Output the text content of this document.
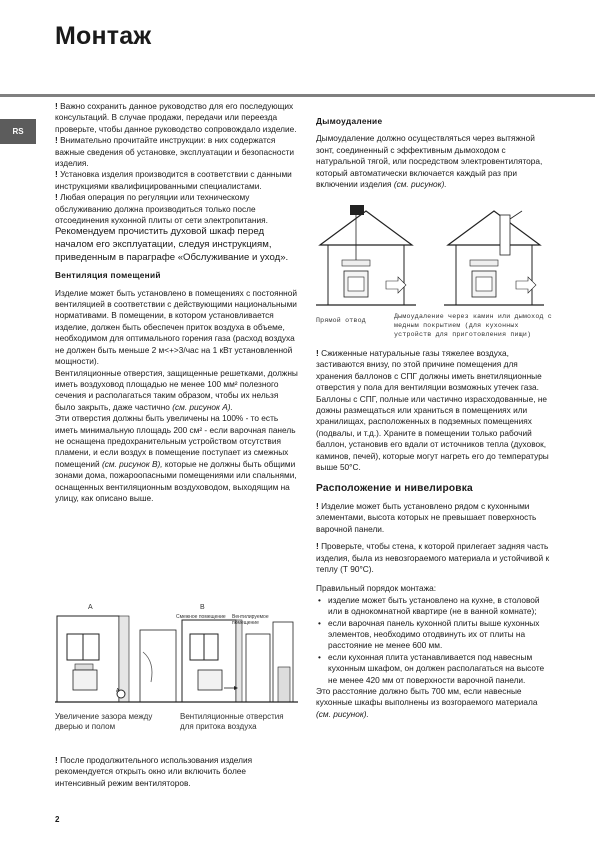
Монтаж
RS

! Важно сохранить данное руководство для его последующих консультаций. В случае продажи, передачи или переезда проверьте, чтобы данное руководство сопровождало изделие.

! Внимательно прочитайте инструкции: в них содержатся важные сведения об установке, эксплуатации и безопасности изделия.

! Установка изделия производится в соответствии с данными инструкциями квалифицированными специалистами.

! Любая операция по регуляции или техническому обслуживанию должна производиться только после отсоединения кухонной плиты от сети электропитания.

Рекомендуем прочистить духовой шкаф перед началом его эксплуатации, следуя инструкциям, приведенным в параграфе «Обслуживание и уход».

Вентиляция помещений

Изделие может быть установлено в помещениях с постоянной вентиляцией в соответствии с действующими национальными нормативами. В помещении, в котором установливается изделие, должен быть обеспечен приток воздуха в объеме, необходимом для оптимального горения газа (расход воздуха не должен быть меньше 2 м<+>3/час на 1 кВт установленной мощности).

Вентиляционные отверстия, защищенные решетками, должны иметь воздуховод площадью не менее 100 мм² полезного сечения и располагаться таким образом, чтобы их нельзя было закрыть, даже частично (см. рисунок А).

Эти отверстия должны быть увеличены на 100% - то есть иметь минимальную площадь 200 см² - если варочная панель не оснащена предохранительным устройством отсутствия пламени, и если воздух в помещение поступает из смежных помещений (см. рисунок В), которые не должны быть общими зонами дома, пожароопасными помещениями или спальнями, оснащенных вентиляционным воздуховодом, выходящим на улицу, как описано выше.

A	B
A
Смежное помещение Вентилируемое помещение
Увеличение зазора между дверью и полом
Вентиляционные отверстия для притока воздуха

! После продолжительного использования изделия рекомендуется открыть окно или включить более интенсивный режим вентиляторов.

Дымоудаление

Дымоудаление должно осуществляться через вытяжной зонт, соединенный с эффективным дымоходом с натуральной тягой, или посредством электровентилятора, который автоматически включается каждый раз при включении изделия (см. рисунок).

Прямой отвод
Дымоудаление через камин или дымоход с медным покрытием (для кухонных устройств для приготовления пищи)

! Сжиженные натуральные газы тяжелее воздуха, застиваются внизу, по этой причине помещения для хранения баллонов с СПГ должны иметь внетиляционные отверстия у пола для вентиляции возможных утечек газа.

Баллоны с СПГ, полные или частично израсходованные, не дожны размещаться или храниться в помещениях или хранилищах, расположенных в подземных помещениях (подвалы, и т.д.). Храните в помещении только рабочий баллон, установив его вдали от источников тепла (духовок, каминов, печей), которые могут нагреть его до температуры выше 50°С.

Расположение и нивелировка

! Изделие может быть установлено рядом с кухонными элементами, высота которых не превышает поверхность варочной панели.

! Проверьте, чтобы стена, к которой прилегает задняя часть изделия, была из невозгораемого материала и устойчивой к теплу (Т 90°С).

Правильный порядок монтажа:

• изделие может быть установлено на кухне, в столовой или в однокомнатной квартире (не в ванной комнате);
• если варочная панель кухонной плиты выше кухонных элементов, необходимо отодвинуть их от плиты на расстояние не менее 600 мм.
• если кухонная плита устанавливается под навесным кухонным шкафом, он должен располагаться на высоте не менее 420 мм от поверхности варочной панели.

Это расстояние должно быть 700 мм, если навесные кухонные шкафы выполнены из возгораемого материала (см. рисунок).

2
